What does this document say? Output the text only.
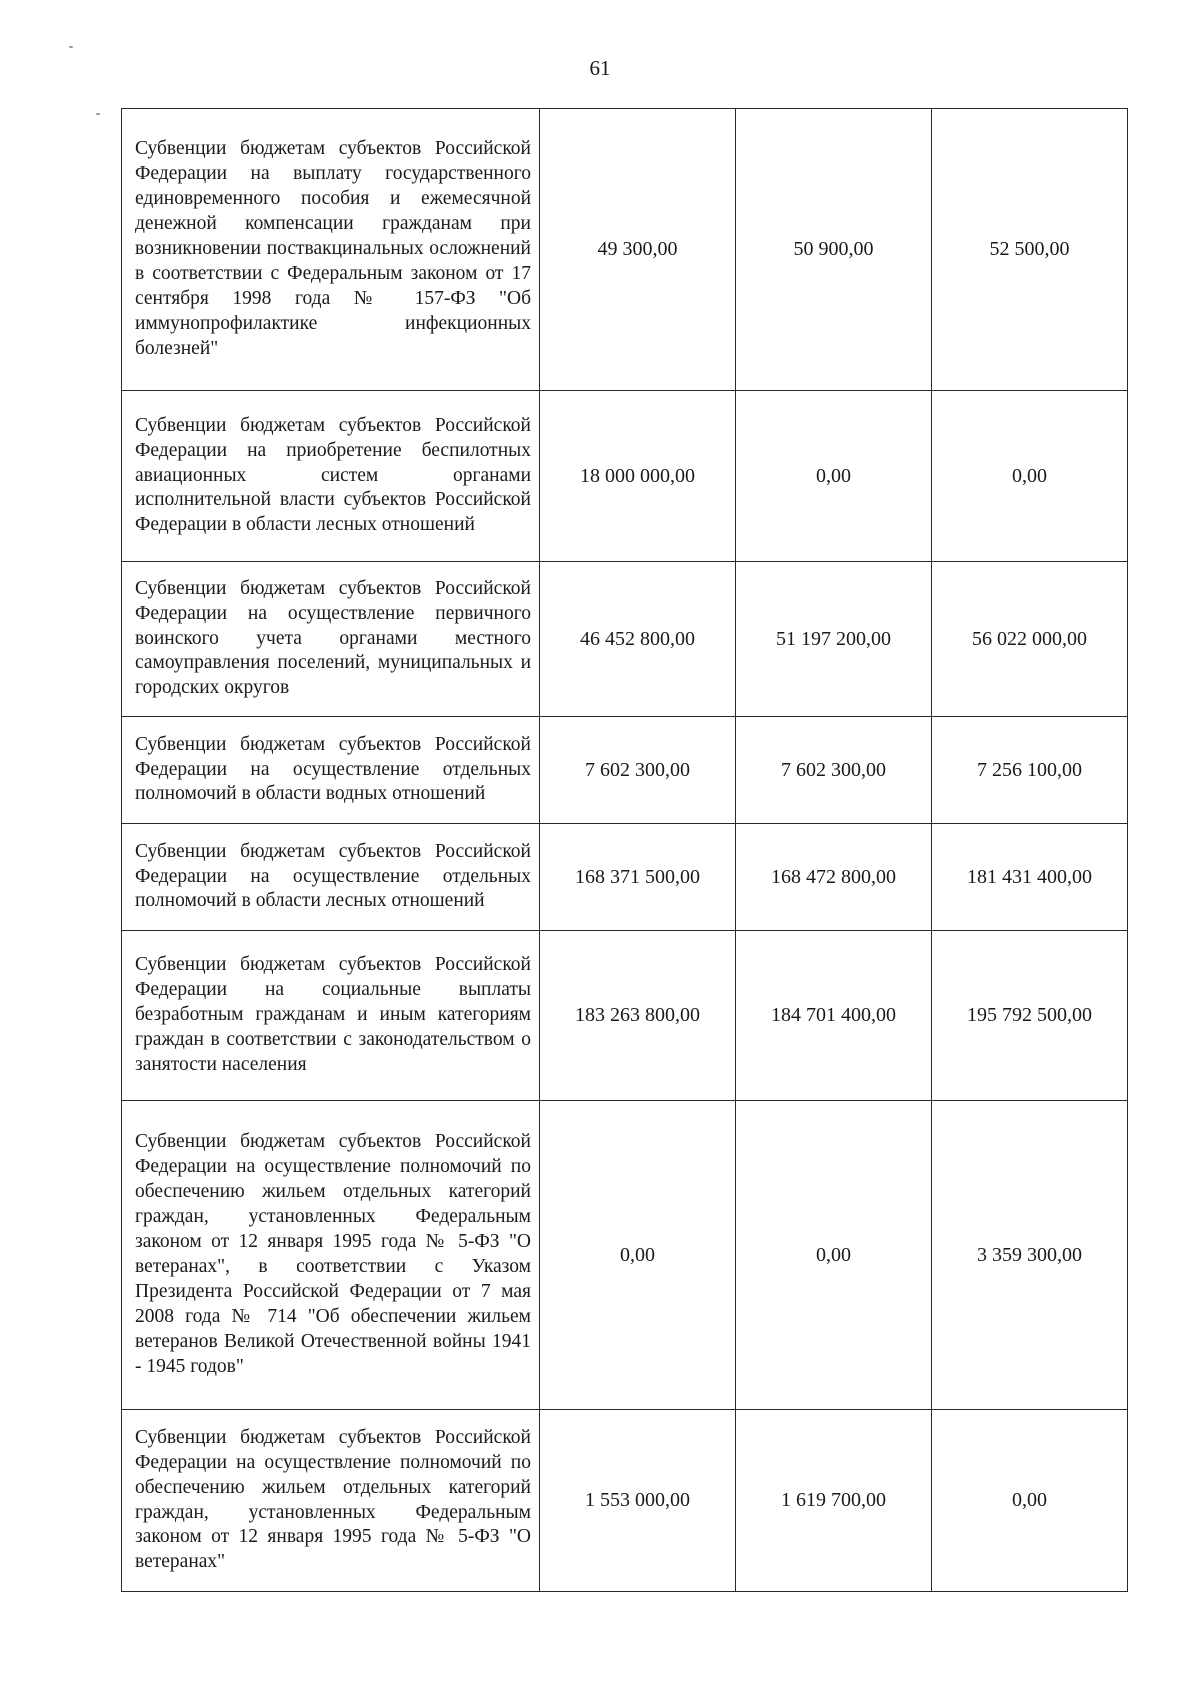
61
Субвенции бюджетам субъектов Российской Федерации на выплату государственного единовременного пособия и ежемесячной денежной компенсации гражданам при возникновении поствакцинальных осложнений в соответствии с Федеральным законом от 17 сентября 1998 года № 157-ФЗ "Об иммунопрофилактике инфекционных болезней"	49 300,00	50 900,00	52 500,00

Субвенции бюджетам субъектов Российской Федерации на приобретение беспилотных авиационных систем органами исполнительной власти субъектов Российской Федерации в области лесных отношений	18 000 000,00	0,00	0,00

Субвенции бюджетам субъектов Российской Федерации на осуществление первичного воинского учета органами местного самоуправления поселений, муниципальных и городских округов	46 452 800,00	51 197 200,00	56 022 000,00

Субвенции бюджетам субъектов Российской Федерации на осуществление отдельных полномочий в области водных отношений	7 602 300,00	7 602 300,00	7 256 100,00

Субвенции бюджетам субъектов Российской Федерации на осуществление отдельных полномочий в области лесных отношений	168 371 500,00	168 472 800,00	181 431 400,00

Субвенции бюджетам субъектов Российской Федерации на социальные выплаты безработным гражданам и иным категориям граждан в соответствии с законодательством о занятости населения	183 263 800,00	184 701 400,00	195 792 500,00

Субвенции бюджетам субъектов Российской Федерации на осуществление полномочий по обеспечению жильем отдельных категорий граждан, установленных Федеральным законом от 12 января 1995 года № 5-ФЗ "О ветеранах", в соответствии с Указом Президента Российской Федерации от 7 мая 2008 года № 714 "Об обеспечении жильем ветеранов Великой Отечественной войны 1941 - 1945 годов"	0,00	0,00	3 359 300,00

Субвенции бюджетам субъектов Российской Федерации на осуществление полномочий по обеспечению жильем отдельных категорий граждан, установленных Федеральным законом от 12 января 1995 года № 5-ФЗ "О ветеранах"	1 553 000,00	1 619 700,00	0,00
